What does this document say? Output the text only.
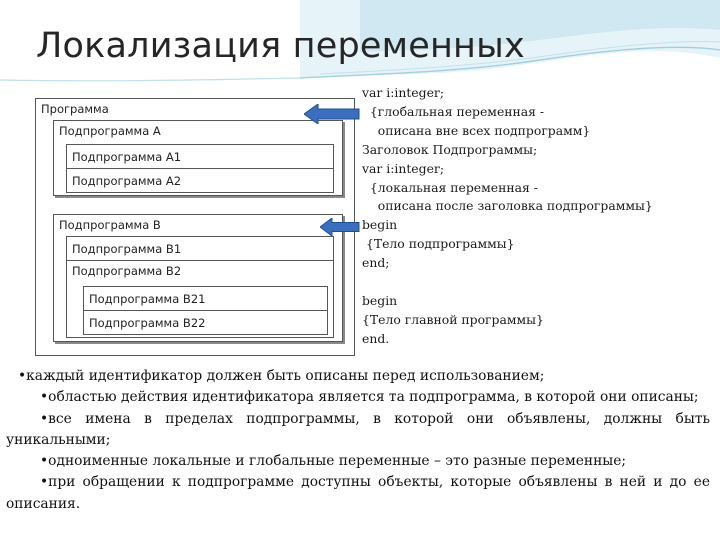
Локализация переменных
Программа
Подпрограмма А
Подпрограмма А1
Подпрограмма А2
Подпрограмма В
Подпрограмма В1
Подпрограмма В2
Подпрограмма В21
Подпрограмма В22
var i:integer;
{глобальная переменная -
описана вне всех подпрограмм}
Заголовок Подпрограммы;
var i:integer;
{локальная переменная -
описана после заголовка подпрограммы}
begin
{Тело подпрограммы}
end;

begin
{Тело главной программы}
end.

•каждый идентификатор должен быть описаны перед использованием;

•областью действия идентификатора является та подпрограмма, в которой они описаны;

•все имена в пределах подпрограммы, в которой они объявлены, должны быть уникальными;

•одноименные локальные и глобальные переменные – это разные переменные;

•при обращении к подпрограмме доступны объекты, которые объявлены в ней и до ее описания.
